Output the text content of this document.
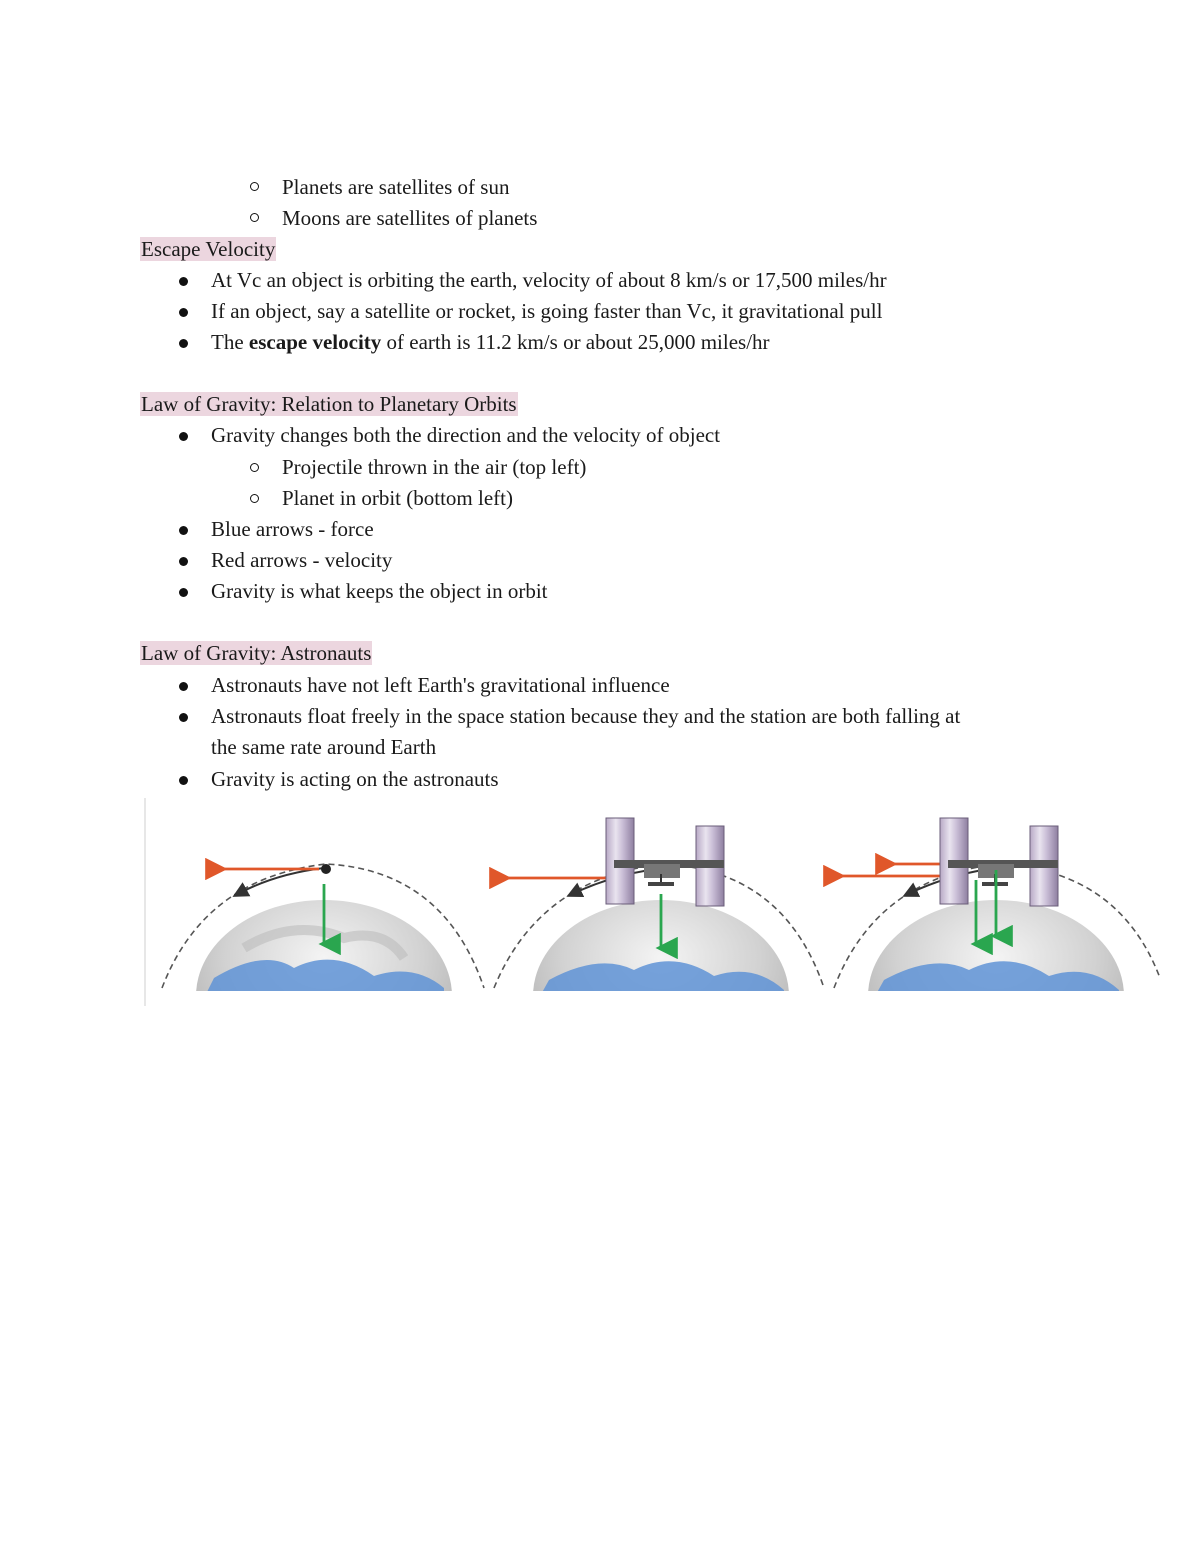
Planets are satellites of sun
Moons are satellites of planets
Escape Velocity
At Vc an object is orbiting the earth, velocity of about 8 km/s or 17,500 miles/hr
If an object, say a satellite or rocket, is going faster than Vc, it gravitational pull
The escape velocity of earth is 11.2 km/s or about 25,000 miles/hr
Law of Gravity: Relation to Planetary Orbits
Gravity changes both the direction and the velocity of object
Projectile thrown in the air (top left)
Planet in orbit (bottom left)
Blue arrows - force
Red arrows - velocity
Gravity is what keeps the object in orbit
Law of Gravity: Astronauts
Astronauts have not left Earth's gravitational influence
Astronauts float freely in the space station because they and the station are both falling at
the same rate around Earth
Gravity is acting on the astronauts
